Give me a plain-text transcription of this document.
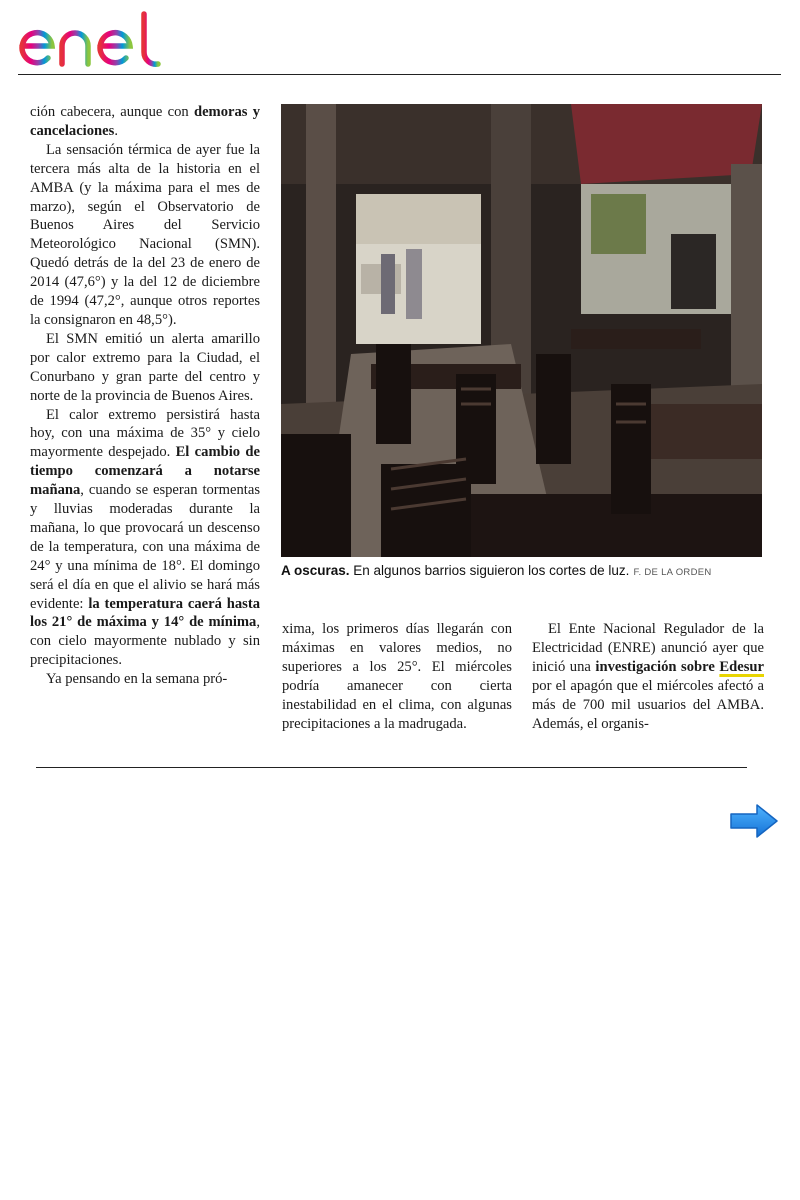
ción cabecera, aunque con demoras y cancelaciones.

La sensación térmica de ayer fue la tercera más alta de la historia en el AMBA (y la máxima para el mes de marzo), según el Observatorio de Buenos Aires del Servicio Meteorológico Nacional (SMN). Quedó detrás de la del 23 de enero de 2014 (47,6°) y la del 12 de diciembre de 1994 (47,2°, aunque otros reportes la consignaron en 48,5°).

El SMN emitió un alerta amarillo por calor extremo para la Ciudad, el Conurbano y gran parte del centro y norte de la provincia de Buenos Aires.

El calor extremo persistirá hasta hoy, con una máxima de 35° y cielo mayormente despejado. El cambio de tiempo comenzará a notarse mañana, cuando se esperan tormentas y lluvias moderadas durante la mañana, lo que provocará un descenso de la temperatura, con una máxima de 24° y una mínima de 18°. El domingo será el día en que el alivio se hará más evidente: la temperatura caerá hasta los 21° de máxima y 14° de mínima, con cielo mayormente nublado y sin precipitaciones.

Ya pensando en la semana pró-

A oscuras. En algunos barrios siguieron los cortes de luz. F. DE LA ORDEN

xima, los primeros días llegarán con máximas en valores medios, no superiores a los 25°. El miércoles podría amanecer con cierta inestabilidad en el clima, con algunas precipitaciones a la madrugada.

El Ente Nacional Regulador de la Electricidad (ENRE) anunció ayer que inició una investigación sobre Edesur por el apagón que el miércoles afectó a más de 700 mil usuarios del AMBA. Además, el organis-
